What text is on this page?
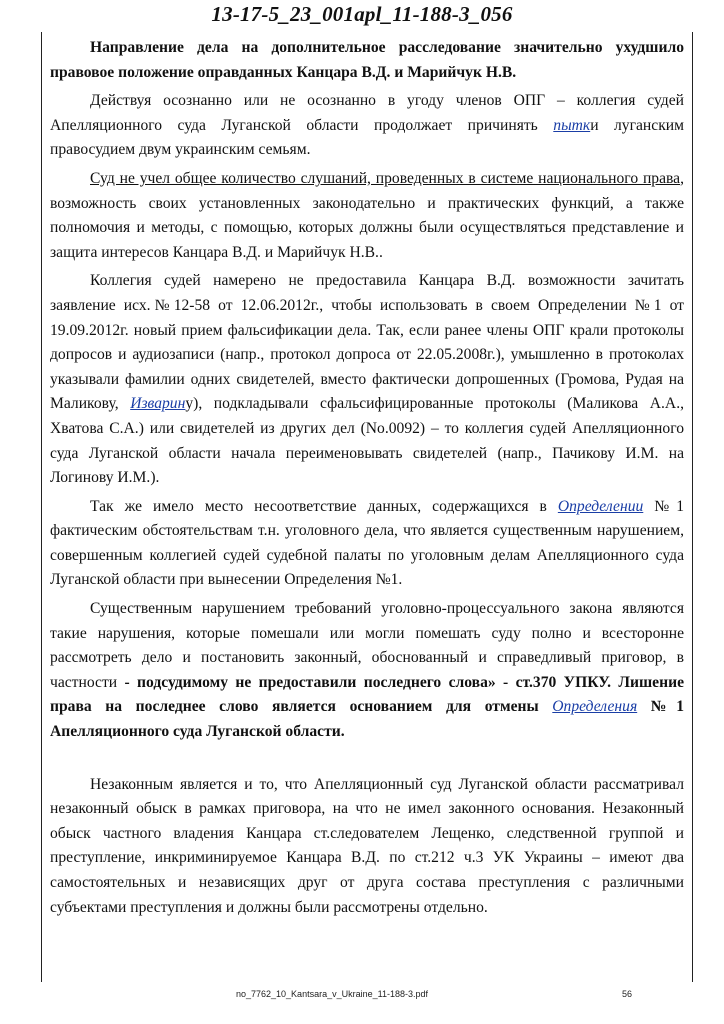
13-17-5_23_001apl_11-188-3_056

Направление дела на дополнительное расследование значительно ухудшило правовое положение оправданных Канцара В.Д. и Марийчук Н.В.

Действуя осознанно или не осознанно в угоду членов ОПГ – коллегия судей Апелляционного суда Луганской области продолжает причинять пытки луганским правосудием двум украинским семьям.

Суд не учел общее количество слушаний, проведенных в системе национального права, возможность своих установленных законодательно и практических функций, а также полномочия и методы, с помощью, которых должны были осуществляться представление и защита интересов Канцара В.Д. и Марийчук Н.В..

Коллегия судей намерено не предоставила Канцара В.Д. возможности зачитать заявление исх.№12-58 от 12.06.2012г., чтобы использовать в своем Определении №1 от 19.09.2012г. новый прием фальсификации дела. Так, если ранее члены ОПГ крали протоколы допросов и аудиозаписи (напр., протокол допроса от 22.05.2008г.), умышленно в протоколах указывали фамилии одних свидетелей, вместо фактически допрошенных (Громова, Рудая на Маликову, Изварину), подкладывали сфальсифицированные протоколы (Маликова А.А., Хватова С.А.) или свидетелей из других дел (No.0092) – то коллегия судей Апелляционного суда Луганской области начала переименовывать свидетелей (напр., Пачикову И.М. на Логинову И.М.).

Так же имело место несоответствие данных, содержащихся в Определении №1 фактическим обстоятельствам т.н. уголовного дела, что является существенным нарушением, совершенным коллегией судей судебной палаты по уголовным делам Апелляционного суда Луганской области при вынесении Определения №1.

Существенным нарушением требований уголовно-процессуального закона являются такие нарушения, которые помешали или могли помешать суду полно и всесторонне рассмотреть дело и постановить законный, обоснованный и справедливый приговор, в частности - подсудимому не предоставили последнего слова» - ст.370 УПКУ. Лишение права на последнее слово является основанием для отмены Определения №1 Апелляционного суда Луганской области.

Незаконным является и то, что Апелляционный суд Луганской области рассматривал незаконный обыск в рамках приговора, на что не имел законного основания. Незаконный обыск частного владения Канцара ст.следователем Лещенко, следственной группой и преступление, инкриминируемое Канцара В.Д. по ст.212 ч.3 УК Украины – имеют два самостоятельных и независящих друг от друга состава преступления с различными субъектами преступления и должны были рассмотрены отдельно.

no_7762_10_Kantsara_v_Ukraine_11-188-3.pdf	56
